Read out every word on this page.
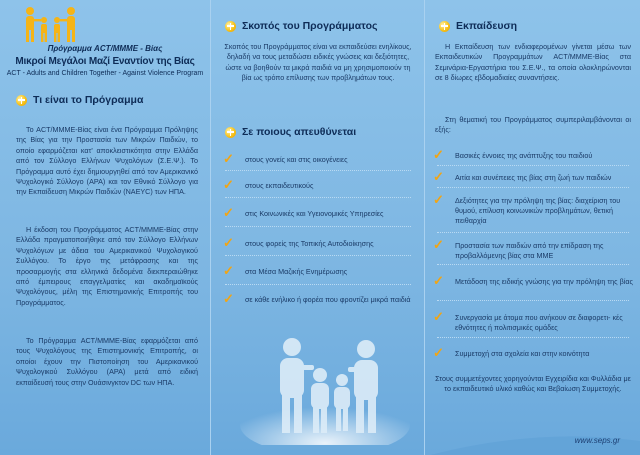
Πρόγραμμα ACT/ΜΜΜΕ - Βίας
Μικροί Μεγάλοι Μαζί Εναντίον της Βίας
ACT - Adults and Children Together - Against Violence Program
Τι είναι το Πρόγραμμα
Το ACT/ΜΜΜΕ-Βίας είναι ένα Πρόγραμμα Πρόληψης της Βίας για την Προστασία των Μικρών Παιδιών, το οποίο εφαρμόζεται κατ' αποκλειστικότητα στην Ελλάδα από τον Σύλλογο Ελλήνων Ψυχολόγων (Σ.Ε.Ψ.). Το Πρόγραμμα αυτό έχει δημιουργηθεί από τον Αμερικανικό Ψυχολογικό Σύλλογο (APA) και τον Εθνικό Σύλλογο για την Εκπαίδευση Μικρών Παιδιών (NAEYC) των ΗΠΑ.
Η έκδοση του Προγράμματος ACT/ΜΜΜΕ-Βίας στην Ελλάδα πραγματοποιήθηκε από τον Σύλλογο Ελλήνων Ψυχολόγων με άδεια του Αμερικανικού Ψυχολογικού Συλλόγου. Το έργο της μετάφρασης και της προσαρμογής στα ελληνικά δεδομένα διεκπεραιώθηκε από έμπειρους επαγγελματίες και ακαδημαϊκούς Ψυχολόγους, μέλη της Επιστημονικής Επιτροπής του Προγράμματος.
Το Πρόγραμμα ACT/ΜΜΜΕ-Βίας εφαρμόζεται από τους Ψυχολόγους της Επιστημονικής Επιτροπής, οι οποίοι έχουν την Πιστοποίηση του Αμερικανικού Ψυχολογικού Συλλόγου (APA) μετά από ειδική εκπαίδευσή τους στην Ουάσινγκτον DC των ΗΠΑ.
Σκοπός του Προγράμματος
Σκοπός του Προγράμματος είναι να εκπαιδεύσει ενηλίκους, δηλαδή να τους μεταδώσει ειδικές γνώσεις και δεξιότητες, ώστε να βοηθούν τα μικρά παιδιά να μη χρησιμοποιούν τη βία ως τρόπο επίλυσης των προβλημάτων τους.
Σε ποιους απευθύνεται
✓	στους γονείς και στις οικογένειες
✓	στους εκπαιδευτικούς
✓	στις Κοινωνικές και Υγειονομικές Υπηρεσίες
✓	στους φορείς της Τοπικής Αυτοδιοίκησης
✓	στα Μέσα Μαζικής Ενημέρωσης
✓	σε κάθε ενήλικο ή φορέα που φροντίζει μικρά παιδιά
Εκπαίδευση
Η Εκπαίδευση των ενδιαφερομένων γίνεται μέσω των Εκπαιδευτικών Προγραμμάτων ACT/ΜΜΜΕ-Βίας στα Σεμινάρια-Εργαστήρια του Σ.Ε.Ψ., τα οποία ολοκληρώνονται σε 8 δίωρες εβδομαδιαίες συναντήσεις.
Στη θεματική του Προγράμματος συμπεριλαμβάνονται οι εξής:
✓	Βασικές έννοιες της ανάπτυξης του παιδιού
✓	Αιτία και συνέπειες της βίας στη ζωή των παιδιών
✓	Δεξιότητες για την πρόληψη της βίας: διαχείριση του θυμού, επίλυση κοινωνικών προβλημάτων, θετική πειθαρχία
✓	Προστασία των παιδιών από την επίδραση της προβαλλόμενης βίας στα ΜΜΕ
✓	Μετάδοση της ειδικής γνώσης για την πρόληψη της βίας
✓	Συνεργασία με άτομα που ανήκουν σε διαφορετι- κές εθνότητες ή πολιτισμικές ομάδες
✓	Συμμετοχή στα σχολεία και στην κοινότητα
Στους συμμετέχοντες χορηγούνται Εγχειρίδια και Φυλλάδια με το εκπαιδευτικό υλικό καθώς και Βεβαίωση Συμμετοχής.
www.seps.gr
